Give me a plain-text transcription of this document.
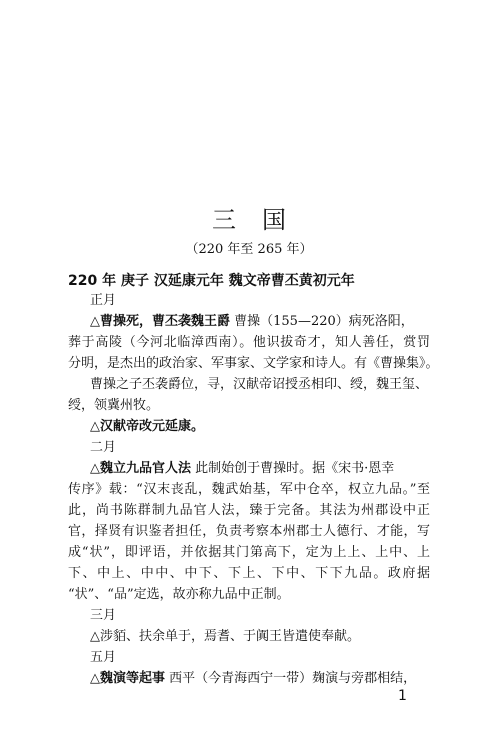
三国
（220 年至 265 年）
220 年 庚子 汉延康元年 魏文帝曹丕黄初元年
正月
△曹操死，曹丕袭魏王爵 曹操（155—220）病死洛阳，
葬于高陵（今河北临漳西南）。他识拔奇才，知人善任，赏罚
分明，是杰出的政治家、军事家、文学家和诗人。有《曹操集》。
曹操之子丕袭爵位，寻，汉献帝诏授丞相印、绶，魏王玺、
绶，领冀州牧。
△汉献帝改元延康。
二月
△魏立九品官人法 此制始创于曹操时。据《宋书·恩幸
传序》载：“汉末丧乱，魏武始基，军中仓卒，权立九品。”至
此，尚书陈群制九品官人法，臻于完备。其法为州郡设中正
官，择贤有识鉴者担任，负责考察本州郡士人德行、才能，写
成“状”，即评语，并依据其门第高下，定为上上、上中、上
下、中上、中中、中下、下上、下中、下下九品。政府据
“状”、“品”定选，故亦称九品中正制。
三月
△涉貊、扶余单于，焉耆、于阗王皆遣使奉献。
五月
△魏演等起事 西平（今青海西宁一带）麹演与旁郡相结，
1
